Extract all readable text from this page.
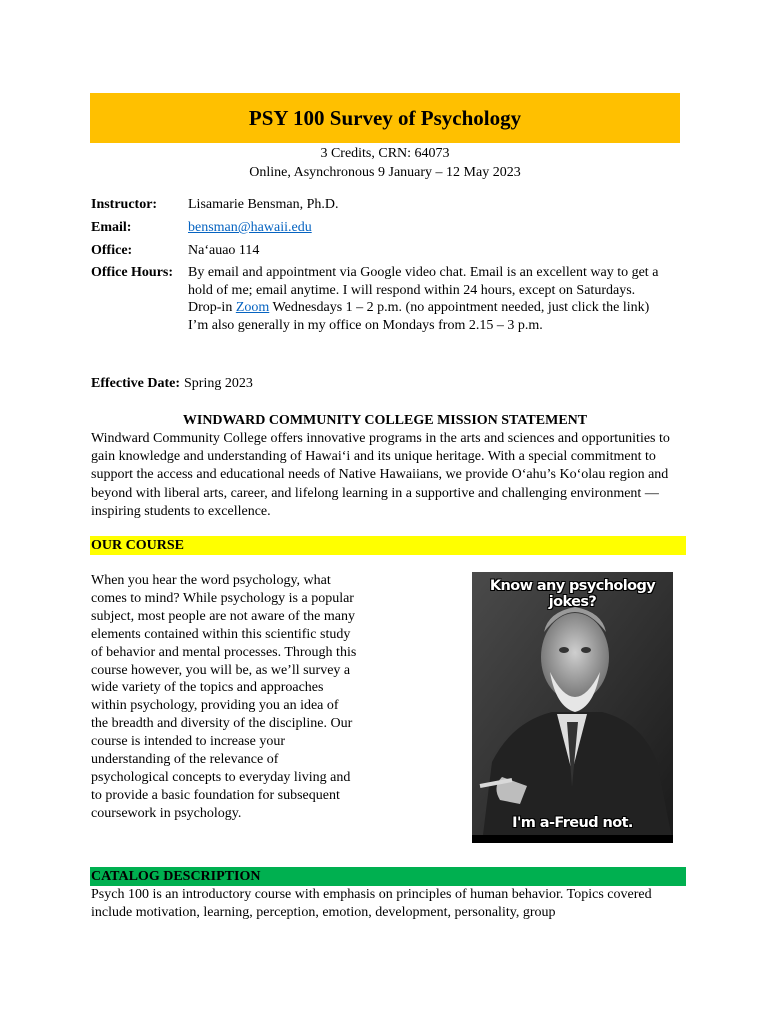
PSY 100 Survey of Psychology
3 Credits, CRN: 64073
Online, Asynchronous 9 January – 12 May 2023
Instructor:	Lisamarie Bensman, Ph.D.
Email:	bensman@hawaii.edu
Office:	Na‘auao 114
Office Hours:	By email and appointment via Google video chat. Email is an excellent way to get a hold of me; email anytime. I will respond within 24 hours, except on Saturdays.
Drop-in Zoom Wednesdays 1 – 2 p.m. (no appointment needed, just click the link)
I’m also generally in my office on Mondays from 2.15 – 3 p.m.
Effective Date: Spring 2023
WINDWARD COMMUNITY COLLEGE MISSION STATEMENT
Windward Community College offers innovative programs in the arts and sciences and opportunities to gain knowledge and understanding of Hawai‘i and its unique heritage. With a special commitment to support the access and educational needs of Native Hawaiians, we provide O‘ahu’s Ko‘olau region and beyond with liberal arts, career, and lifelong learning in a supportive and challenging environment — inspiring students to excellence.
OUR COURSE
When you hear the word psychology, what comes to mind? While psychology is a popular subject, most people are not aware of the many elements contained within this scientific study of behavior and mental processes. Through this course however, you will be, as we’ll survey a wide variety of the topics and approaches within psychology, providing you an idea of the breadth and diversity of the discipline. Our course is intended to increase your understanding of the relevance of psychological concepts to everyday living and to provide a basic foundation for subsequent coursework in psychology.
Know any psychology jokes?
I'm a-Freud not.
CATALOG DESCRIPTION
Psych 100 is an introductory course with emphasis on principles of human behavior. Topics covered include motivation, learning, perception, emotion, development, personality, group
